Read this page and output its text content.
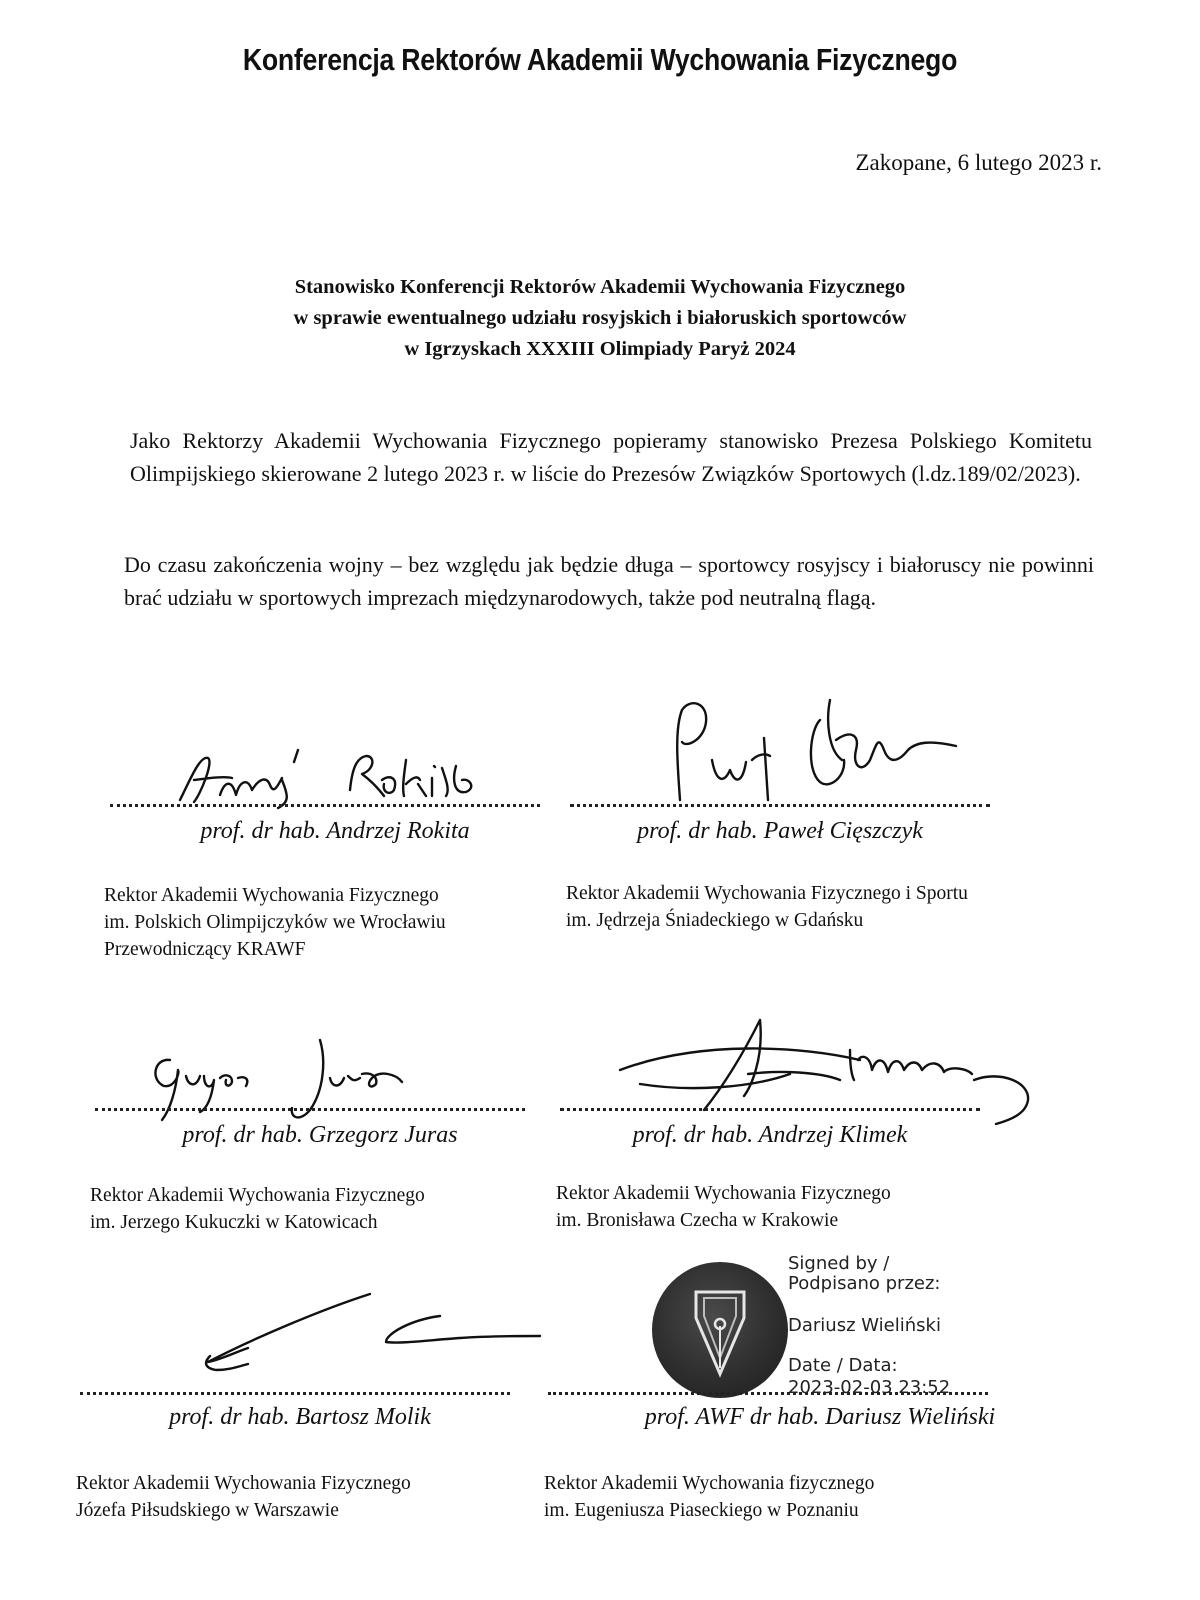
Konferencja Rektorów Akademii Wychowania Fizycznego
Zakopane, 6 lutego 2023 r.
Stanowisko Konferencji Rektorów Akademii Wychowania Fizycznego
w sprawie ewentualnego udziału rosyjskich i białoruskich sportowców
w Igrzyskach XXXIII Olimpiady Paryż 2024
Jako Rektorzy Akademii Wychowania Fizycznego popieramy stanowisko Prezesa Polskiego Komitetu Olimpijskiego skierowane 2 lutego 2023 r. w liście do Prezesów Związków Sportowych (l.dz.189/02/2023).
Do czasu zakończenia wojny – bez względu jak będzie długa – sportowcy rosyjscy i białoruscy nie powinni brać udziału w sportowych imprezach międzynarodowych, także pod neutralną flagą.
prof. dr hab. Andrzej Rokita	prof. dr hab. Paweł Cięszczyk
Rektor Akademii Wychowania Fizycznego
im. Polskich Olimpijczyków we Wrocławiu
Przewodniczący KRAWF
Rektor Akademii Wychowania Fizycznego i Sportu
im. Jędrzeja Śniadeckiego w Gdańsku
prof. dr hab. Grzegorz Juras	prof. dr hab. Andrzej Klimek
Rektor Akademii Wychowania Fizycznego
im. Jerzego Kukuczki w Katowicach
Rektor Akademii Wychowania Fizycznego
im. Bronisława Czecha w Krakowie
Signed by /
Podpisano przez:
Dariusz Wieliński
Date / Data:
2023-02-03 23:52
prof. dr hab. Bartosz Molik	prof. AWF dr hab. Dariusz Wieliński
Rektor Akademii Wychowania Fizycznego
Józefa Piłsudskiego w Warszawie
Rektor Akademii Wychowania fizycznego
im. Eugeniusza Piaseckiego w Poznaniu
